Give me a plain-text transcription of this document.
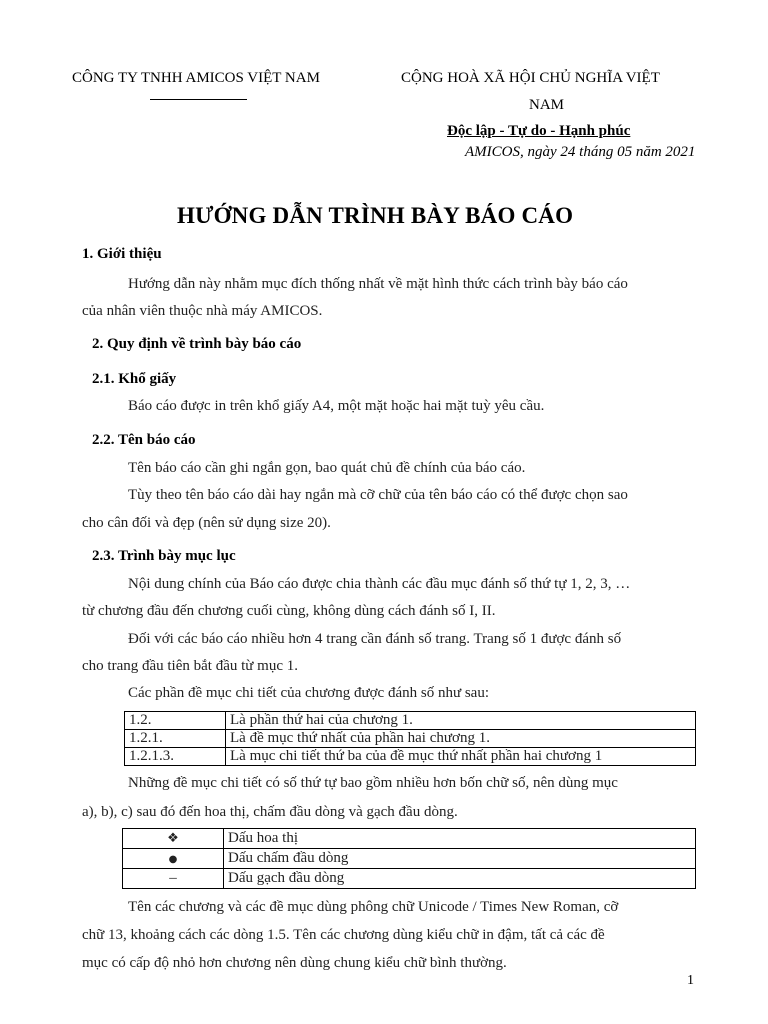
CÔNG TY TNHH AMICOS VIỆT NAM	CỘNG HOÀ XÃ HỘI CHỦ NGHĨA VIỆT
NAM
Độc lập - Tự do - Hạnh phúc
AMICOS, ngày 24 tháng 05 năm 2021
HƯỚNG DẪN TRÌNH BÀY BÁO CÁO
1. Giới thiệu
Hướng dẫn này nhằm mục đích thống nhất về mặt hình thức cách trình bày báo cáo
của nhân viên thuộc nhà máy AMICOS.
2. Quy định về trình bày báo cáo
2.1. Khổ giấy
Báo cáo được in trên khổ giấy A4, một mặt hoặc hai mặt tuỳ yêu cầu.
2.2. Tên báo cáo
Tên báo cáo cần ghi ngắn gọn, bao quát chủ đề chính của báo cáo.
Tùy theo tên báo cáo dài hay ngắn mà cỡ chữ của tên báo cáo có thể được chọn sao
cho cân đối và đẹp (nên sử dụng size 20).
2.3. Trình bày mục lục
Nội dung chính của Báo cáo được chia thành các đầu mục đánh số thứ tự 1, 2, 3, …
từ chương đầu đến chương cuối cùng, không dùng cách đánh số I, II.
Đối với các báo cáo nhiều hơn 4 trang cần đánh số trang. Trang số 1 được đánh số
cho trang đầu tiên bắt đầu từ mục 1.
Các phần đề mục chi tiết của chương được đánh số như sau:
1.2.	Là phần thứ hai của chương 1.
1.2.1.	Là đề mục thứ nhất của phần hai chương 1.
1.2.1.3.	Là mục chi tiết thứ ba của đề mục thứ nhất phần hai chương 1
Những đề mục chi tiết có số thứ tự bao gồm nhiều hơn bốn chữ số, nên dùng mục
a), b), c) sau đó đến hoa thị, chấm đầu dòng và gạch đầu dòng.
❖	Dấu hoa thị
●	Dấu chấm đầu dòng
–	Dấu gạch đầu dòng
Tên các chương và các đề mục dùng phông chữ Unicode / Times New Roman, cỡ
chữ 13, khoảng cách các dòng 1.5. Tên các chương dùng kiểu chữ in đậm, tất cả các đề
mục có cấp độ nhỏ hơn chương nên dùng chung kiểu chữ bình thường.
1
